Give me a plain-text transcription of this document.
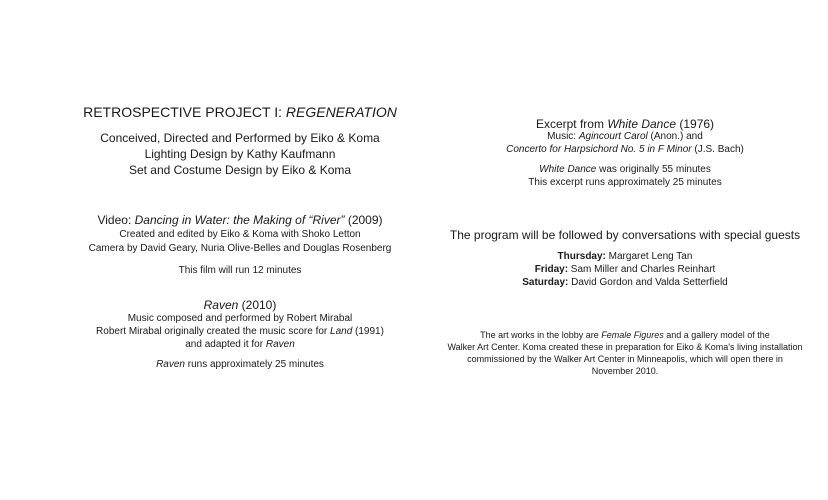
RETROSPECTIVE PROJECT I: REGENERATION
Conceived, Directed and Performed by Eiko & Koma
Lighting Design by Kathy Kaufmann
Set and Costume Design by Eiko & Koma
Video: Dancing in Water: the Making of “River” (2009)
Created and edited by Eiko & Koma with Shoko Letton
Camera by David Geary, Nuria Olive-Belles and Douglas Rosenberg
This film will run 12 minutes
Raven (2010)
Music composed and performed by Robert Mirabal
Robert Mirabal originally created the music score for Land (1991)
and adapted it for Raven
Raven runs approximately 25 minutes
Excerpt from White Dance (1976)
Music: Agincourt Carol (Anon.) and
Concerto for Harpsichord No. 5 in F Minor (J.S. Bach)
White Dance was originally 55 minutes
This excerpt runs approximately 25 minutes
The program will be followed by conversations with special guests
Thursday: Margaret Leng Tan
Friday: Sam Miller and Charles Reinhart
Saturday: David Gordon and Valda Setterfield
The art works in the lobby are Female Figures and a gallery model of the
Walker Art Center. Koma created these in preparation for Eiko & Koma's living installation
commissioned by the Walker Art Center in Minneapolis, which will open there in
November 2010.
